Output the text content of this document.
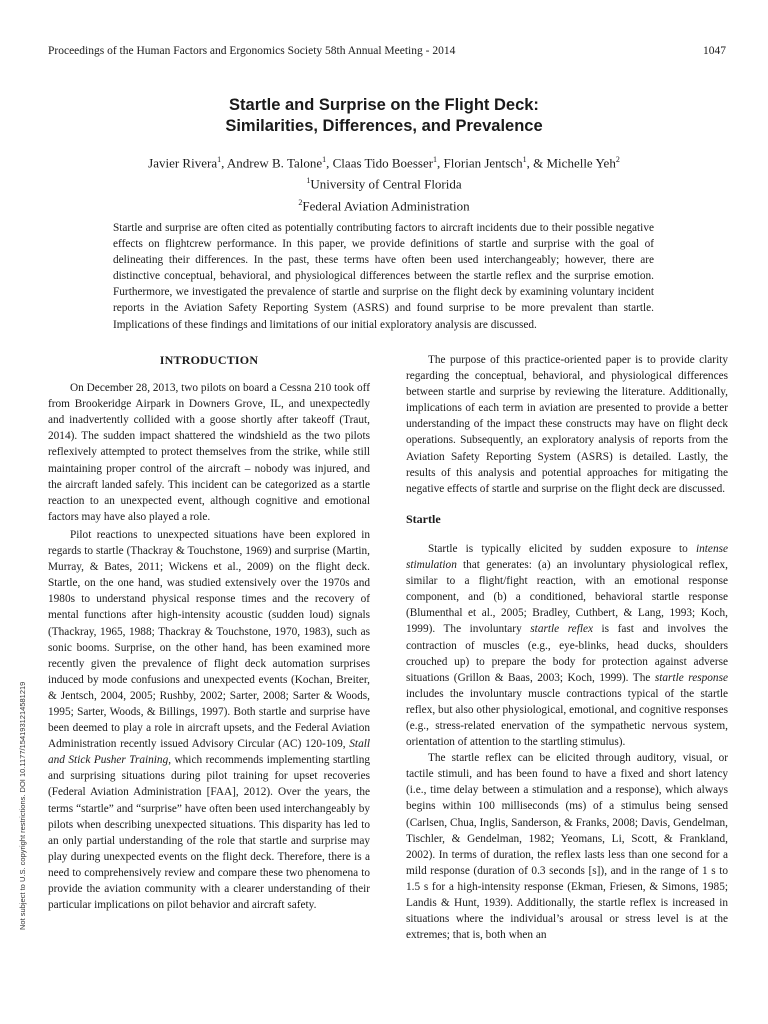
Proceedings of the Human Factors and Ergonomics Society 58th Annual Meeting - 2014	1047
Startle and Surprise on the Flight Deck:
Similarities, Differences, and Prevalence
Javier Rivera$^1$, Andrew B. Talone$^1$, Claas Tido Boesser$^1$, Florian Jentsch$^1$, & Michelle Yeh$^2$
$^1$University of Central Florida
$^2$Federal Aviation Administration
Startle and surprise are often cited as potentially contributing factors to aircraft incidents due to their possible negative effects on flightcrew performance. In this paper, we provide definitions of startle and surprise with the goal of delineating their differences. In the past, these terms have often been used interchangeably; however, there are distinctive conceptual, behavioral, and physiological differences between the startle reflex and the surprise emotion. Furthermore, we investigated the prevalence of startle and surprise on the flight deck by examining voluntary incident reports in the Aviation Safety Reporting System (ASRS) and found surprise to be more prevalent than startle. Implications of these findings and limitations of our initial exploratory analysis are discussed.
INTRODUCTION

On December 28, 2013, two pilots on board a Cessna 210 took off from Brookeridge Airpark in Downers Grove, IL, and unexpectedly and inadvertently collided with a goose shortly after takeoff (Traut, 2014). The sudden impact shattered the windshield as the two pilots reflexively attempted to protect themselves from the strike, while still maintaining proper control of the aircraft – nobody was injured, and the aircraft landed safely. This incident can be categorized as a startle reaction to an unexpected event, although cognitive and emotional factors may have also played a role.

Pilot reactions to unexpected situations have been explored in regards to startle (Thackray & Touchstone, 1969) and surprise (Martin, Murray, & Bates, 2011; Wickens et al., 2009) on the flight deck. Startle, on the one hand, was studied extensively over the 1970s and 1980s to understand physical response times and the recovery of mental functions after high-intensity acoustic (sudden loud) signals (Thackray, 1965, 1988; Thackray & Touchstone, 1970, 1983), such as sonic booms. Surprise, on the other hand, has been examined more recently given the prevalence of flight deck automation surprises induced by mode confusions and unexpected events (Kochan, Breiter, & Jentsch, 2004, 2005; Rushby, 2002; Sarter, 2008; Sarter & Woods, 1995; Sarter, Woods, & Billings, 1997). Both startle and surprise have been deemed to play a role in aircraft upsets, and the Federal Aviation Administration recently issued Advisory Circular (AC) 120-109, Stall and Stick Pusher Training, which recommends implementing startling and surprising situations during pilot training for upset recoveries (Federal Aviation Administration [FAA], 2012). Over the years, the terms “startle” and “surprise” have often been used interchangeably by pilots when describing unexpected situations. This disparity has led to an only partial understanding of the role that startle and surprise may play during unexpected events on the flight deck. Therefore, there is a need to comprehensively review and compare these two phenomena to provide the aviation community with a clearer understanding of their particular implications on pilot behavior and aircraft safety.

The purpose of this practice-oriented paper is to provide clarity regarding the conceptual, behavioral, and physiological differences between startle and surprise by reviewing the literature. Additionally, implications of each term in aviation are presented to provide a better understanding of the impact these constructs may have on flight deck operations. Subsequently, an exploratory analysis of reports from the Aviation Safety Reporting System (ASRS) is detailed. Lastly, the results of this analysis and potential approaches for mitigating the negative effects of startle and surprise on the flight deck are discussed.

Startle

Startle is typically elicited by sudden exposure to intense stimulation that generates: (a) an involuntary physiological reflex, similar to a flight/fight reaction, with an emotional response component, and (b) a conditioned, behavioral startle response (Blumenthal et al., 2005; Bradley, Cuthbert, & Lang, 1993; Koch, 1999). The involuntary startle reflex is fast and involves the contraction of muscles (e.g., eye-blinks, head ducks, shoulders crouched up) to prepare the body for protection against adverse situations (Grillon & Baas, 2003; Koch, 1999). The startle response includes the involuntary muscle contractions typical of the startle reflex, but also other physiological, emotional, and cognitive responses (e.g., stress-related enervation of the sympathetic nervous system, orientation of attention to the startling stimulus).

The startle reflex can be elicited through auditory, visual, or tactile stimuli, and has been found to have a fixed and short latency (i.e., time delay between a stimulation and a response), which always begins within 100 milliseconds (ms) of a stimulus being sensed (Carlsen, Chua, Inglis, Sanderson, & Franks, 2008; Davis, Gendelman, Tischler, & Gendelman, 1982; Yeomans, Li, Scott, & Frankland, 2002). In terms of duration, the reflex lasts less than one second for a mild response (duration of 0.3 seconds [s]), and in the range of 1 s to 1.5 s for a high-intensity response (Ekman, Friesen, & Simons, 1985; Landis & Hunt, 1939). Additionally, the startle reflex is increased in situations where the individual’s arousal or stress level is at the extremes; that is, both when an

Not subject to U.S. copyright restrictions. DOI 10.1177/1541931214581219
